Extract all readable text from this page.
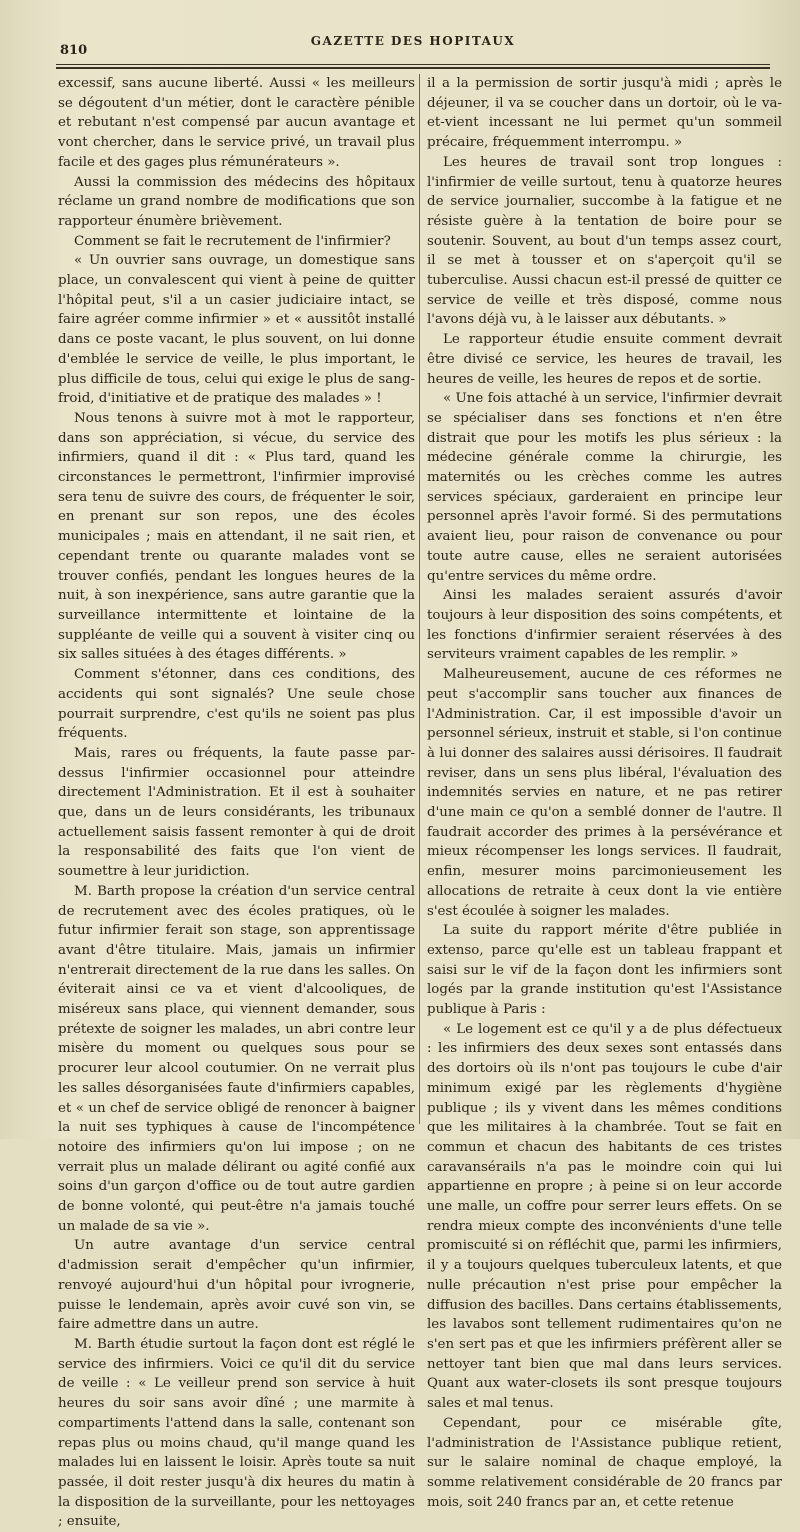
810
GAZETTE DES HOPITAUX

excessif, sans aucune liberté. Aussi « les meilleurs se dégoutent d'un métier, dont le caractère pénible et rebutant n'est compensé par aucun avantage et vont chercher, dans le service privé, un travail plus facile et des gages plus rémunérateurs ».

Aussi la commission des médecins des hôpitaux réclame un grand nombre de modifications que son rapporteur énumère brièvement.

Comment se fait le recrutement de l'infirmier?

« Un ouvrier sans ouvrage, un domestique sans place, un convalescent qui vient à peine de quitter l'hôpital peut, s'il a un casier judiciaire intact, se faire agréer comme infirmier » et « aussitôt installé dans ce poste vacant, le plus souvent, on lui donne d'emblée le service de veille, le plus important, le plus difficile de tous, celui qui exige le plus de sang-froid, d'initiative et de pratique des malades » !

Nous tenons à suivre mot à mot le rapporteur, dans son appréciation, si vécue, du service des infirmiers, quand il dit : « Plus tard, quand les circonstances le permettront, l'infirmier improvisé sera tenu de suivre des cours, de fréquenter le soir, en prenant sur son repos, une des écoles municipales ; mais en attendant, il ne sait rien, et cependant trente ou quarante malades vont se trouver confiés, pendant les longues heures de la nuit, à son inexpérience, sans autre garantie que la surveillance intermittente et lointaine de la suppléante de veille qui a souvent à visiter cinq ou six salles situées à des étages différents. »

Comment s'étonner, dans ces conditions, des accidents qui sont signalés? Une seule chose pourrait surprendre, c'est qu'ils ne soient pas plus fréquents.

Mais, rares ou fréquents, la faute passe par-dessus l'infirmier occasionnel pour atteindre directement l'Administration. Et il est à souhaiter que, dans un de leurs considérants, les tribunaux actuellement saisis fassent remonter à qui de droit la responsabilité des faits que l'on vient de soumettre à leur juridiction.

M. Barth propose la création d'un service central de recrutement avec des écoles pratiques, où le futur infirmier ferait son stage, son apprentissage avant d'être titulaire. Mais, jamais un infirmier n'entrerait directement de la rue dans les salles. On éviterait ainsi ce va et vient d'alcooliques, de miséreux sans place, qui viennent demander, sous prétexte de soigner les malades, un abri contre leur misère du moment ou quelques sous pour se procurer leur alcool coutumier. On ne verrait plus les salles désorganisées faute d'infirmiers capables, et « un chef de service obligé de renoncer à baigner la nuit ses typhiques à cause de l'incompétence notoire des infirmiers qu'on lui impose ; on ne verrait plus un malade délirant ou agité confié aux soins d'un garçon d'office ou de tout autre gardien de bonne volonté, qui peut-être n'a jamais touché un malade de sa vie ».

Un autre avantage d'un service central d'admission serait d'empêcher qu'un infirmier, renvoyé aujourd'hui d'un hôpital pour ivrognerie, puisse le lendemain, après avoir cuvé son vin, se faire admettre dans un autre.

M. Barth étudie surtout la façon dont est réglé le service des infirmiers. Voici ce qu'il dit du service de veille : « Le veilleur prend son service à huit heures du soir sans avoir dîné ; une marmite à compartiments l'attend dans la salle, contenant son repas plus ou moins chaud, qu'il mange quand les malades lui en laissent le loisir. Après toute sa nuit passée, il doit rester jusqu'à dix heures du matin à la disposition de la surveillante, pour les nettoyages ; ensuite,

il a la permission de sortir jusqu'à midi ; après le déjeuner, il va se coucher dans un dortoir, où le va-et-vient incessant ne lui permet qu'un sommeil précaire, fréquemment interrompu. »

Les heures de travail sont trop longues : l'infirmier de veille surtout, tenu à quatorze heures de service journalier, succombe à la fatigue et ne résiste guère à la tentation de boire pour se soutenir. Souvent, au bout d'un temps assez court, il se met à tousser et on s'aperçoit qu'il se tuberculise. Aussi chacun est-il pressé de quitter ce service de veille et très disposé, comme nous l'avons déjà vu, à le laisser aux débutants. »

Le rapporteur étudie ensuite comment devrait être divisé ce service, les heures de travail, les heures de veille, les heures de repos et de sortie.

« Une fois attaché à un service, l'infirmier devrait se spécialiser dans ses fonctions et n'en être distrait que pour les motifs les plus sérieux : la médecine générale comme la chirurgie, les maternités ou les crèches comme les autres services spéciaux, garderaient en principe leur personnel après l'avoir formé. Si des permutations avaient lieu, pour raison de convenance ou pour toute autre cause, elles ne seraient autorisées qu'entre services du même ordre.

Ainsi les malades seraient assurés d'avoir toujours à leur disposition des soins compétents, et les fonctions d'infirmier seraient réservées à des serviteurs vraiment capables de les remplir. »

Malheureusement, aucune de ces réformes ne peut s'accomplir sans toucher aux finances de l'Administration. Car, il est impossible d'avoir un personnel sérieux, instruit et stable, si l'on continue à lui donner des salaires aussi dérisoires. Il faudrait reviser, dans un sens plus libéral, l'évaluation des indemnités servies en nature, et ne pas retirer d'une main ce qu'on a semblé donner de l'autre. Il faudrait accorder des primes à la persévérance et mieux récompenser les longs services. Il faudrait, enfin, mesurer moins parcimonieusement les allocations de retraite à ceux dont la vie entière s'est écoulée à soigner les malades.

La suite du rapport mérite d'être publiée in extenso, parce qu'elle est un tableau frappant et saisi sur le vif de la façon dont les infirmiers sont logés par la grande institution qu'est l'Assistance publique à Paris :

« Le logement est ce qu'il y a de plus défectueux : les infirmiers des deux sexes sont entassés dans des dortoirs où ils n'ont pas toujours le cube d'air minimum exigé par les règlements d'hygiène publique ; ils y vivent dans les mêmes conditions que les militaires à la chambrée. Tout se fait en commun et chacun des habitants de ces tristes caravansérails n'a pas le moindre coin qui lui appartienne en propre ; à peine si on leur accorde une malle, un coffre pour serrer leurs effets. On se rendra mieux compte des inconvénients d'une telle promiscuité si on réfléchit que, parmi les infirmiers, il y a toujours quelques tuberculeux latents, et que nulle précaution n'est prise pour empêcher la diffusion des bacilles. Dans certains établissements, les lavabos sont tellement rudimentaires qu'on ne s'en sert pas et que les infirmiers préfèrent aller se nettoyer tant bien que mal dans leurs services. Quant aux water-closets ils sont presque toujours sales et mal tenus.

Cependant, pour ce misérable gîte, l'administration de l'Assistance publique retient, sur le salaire nominal de chaque employé, la somme relativement considérable de 20 francs par mois, soit 240 francs par an, et cette retenue
